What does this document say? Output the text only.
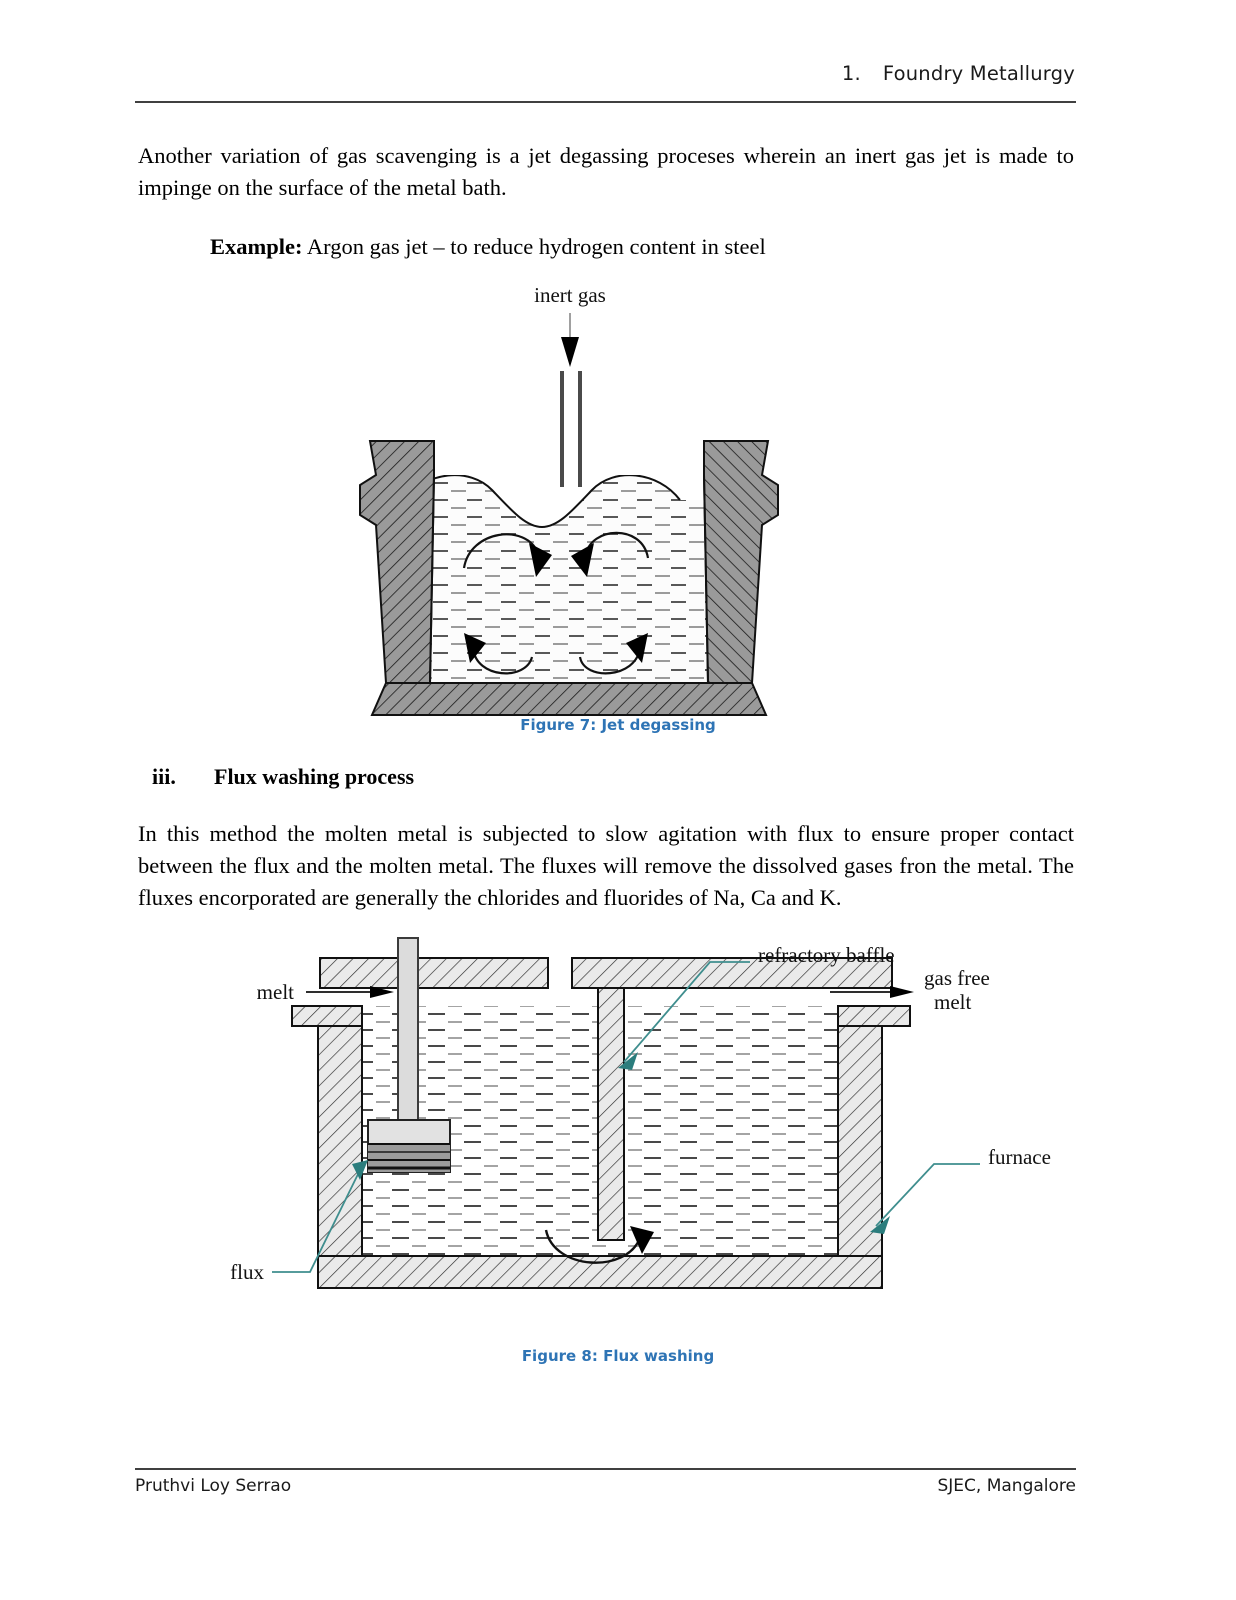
1. Foundry Metallurgy
Another variation of gas scavenging is a jet degassing proceses wherein an inert gas jet is made to impinge on the surface of the metal bath.
Example: Argon gas jet – to reduce hydrogen content in steel
inert gas
Figure 7: Jet degassing
iii. Flux washing process
In this method the molten metal is subjected to slow agitation with flux to ensure proper contact between the flux and the molten metal. The fluxes will remove the dissolved gases fron the metal. The fluxes encorporated are generally the chlorides and fluorides of Na, Ca and K.
melt
gas free
melt
refractory baffle
furnace
flux
Figure 8: Flux washing
Pruthvi Loy Serrao	SJEC, Mangalore
